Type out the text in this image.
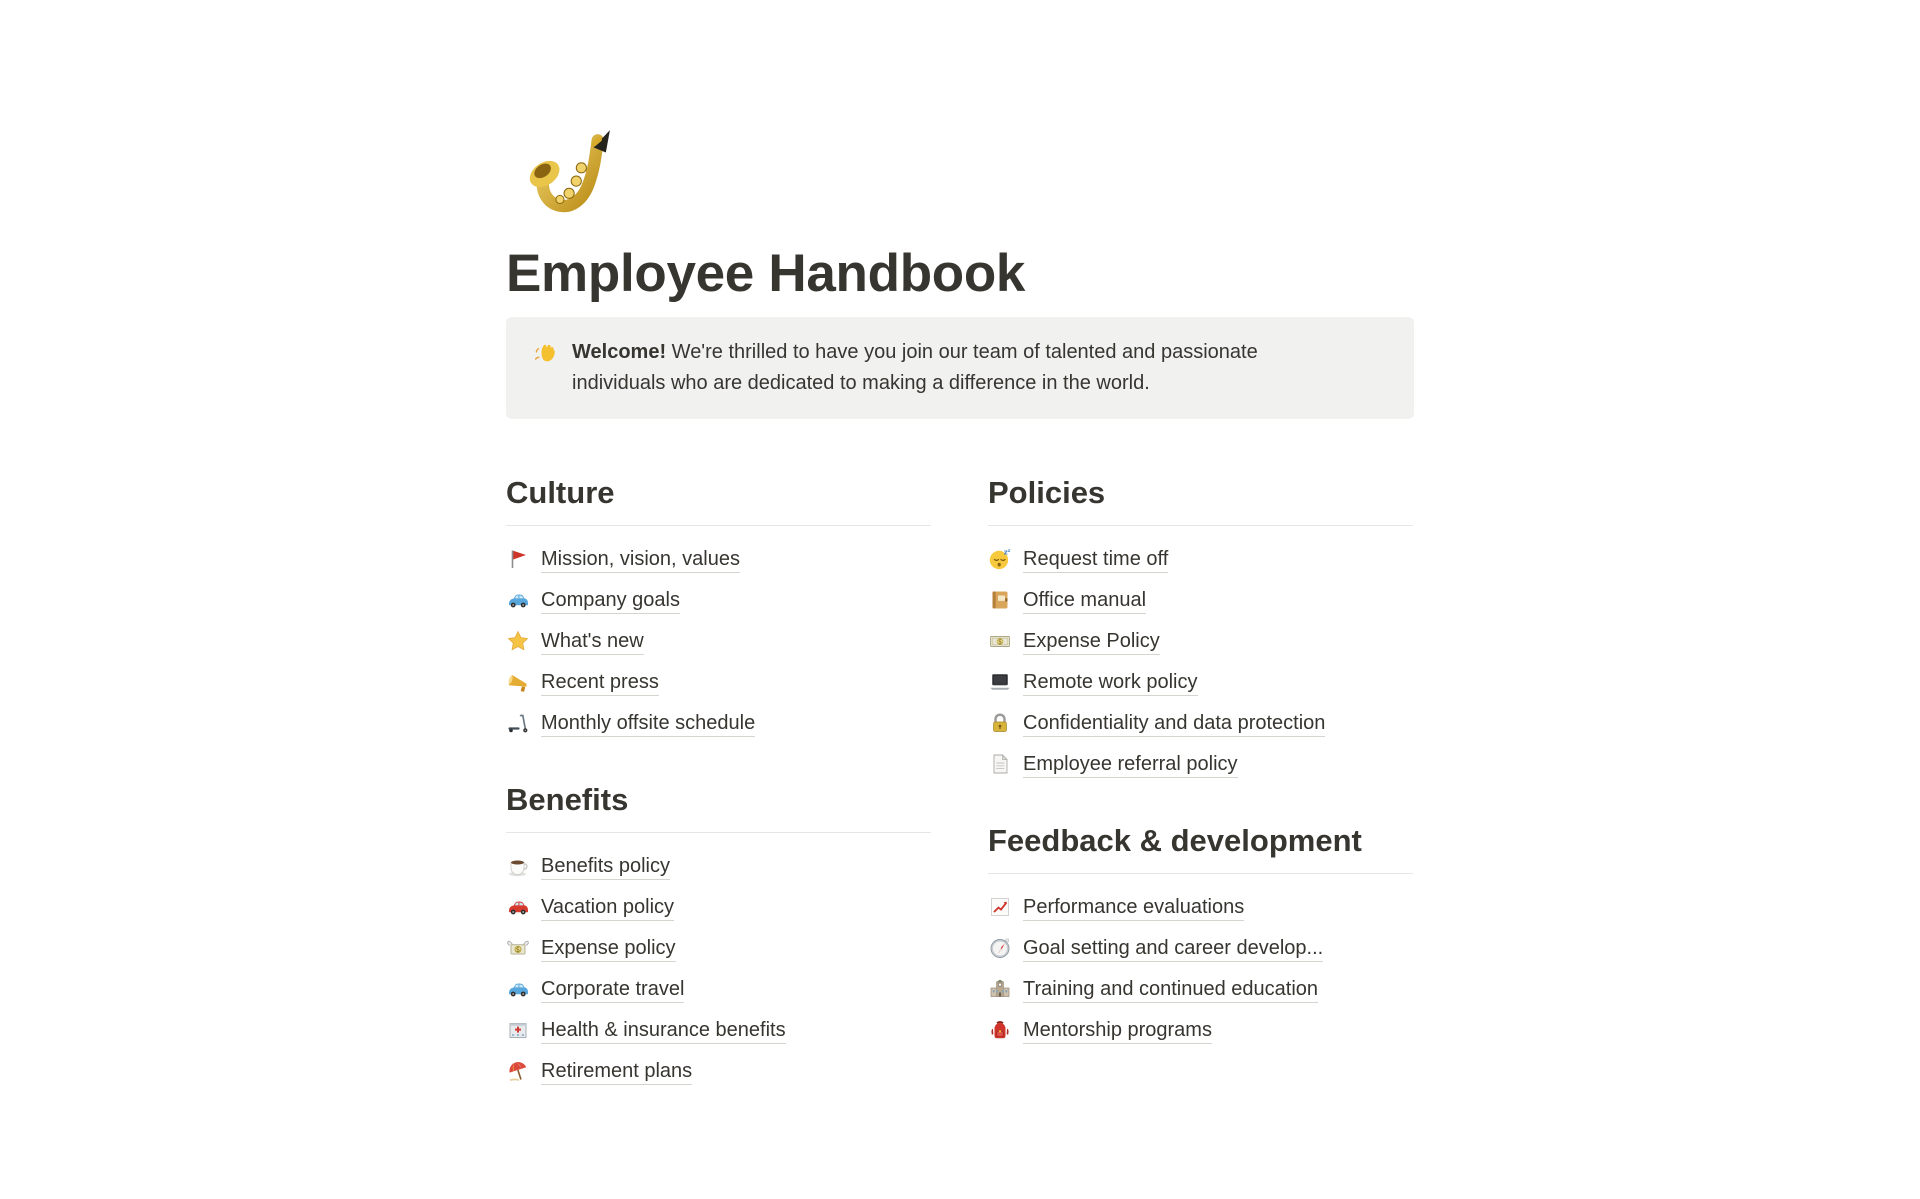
Employee Handbook
Welcome! We're thrilled to have you join our team of talented and passionate individuals who are dedicated to making a difference in the world.
Culture
Mission, vision, values
Company goals
What's new
Recent press
Monthly offsite schedule
Benefits
Benefits policy
Vacation policy
$ Expense policy
Corporate travel
Health & insurance benefits
Retirement plans
Policies
z z Request time off
Office manual
$ Expense Policy
Remote work policy
Confidentiality and data protection
Employee referral policy
Feedback & development
Performance evaluations
Goal setting and career develop...
Training and continued education
Mentorship programs
